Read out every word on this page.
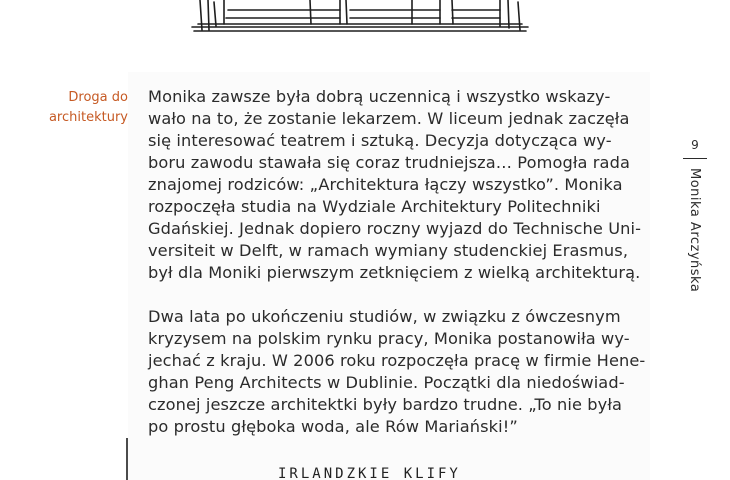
Droga do architektury

Monika zawsze była dobrą uczennicą i wszystko wskazy-

wało na to, że zostanie lekarzem. W liceum jednak zaczęła

się interesować teatrem i sztuką. Decyzja dotycząca wy-

boru zawodu stawała się coraz trudniejsza… Pomogła rada

znajomej rodziców: „Architektura łączy wszystko”. Monika

rozpoczęła studia na Wydziale Architektury Politechniki

Gdańskiej. Jednak dopiero roczny wyjazd do Technische Uni-

versiteit w Delft, w ramach wymiany studenckiej Erasmus,

był dla Moniki pierwszym zetknięciem z wielką architekturą.

Dwa lata po ukończeniu studiów, w związku z ówczesnym

kryzysem na polskim rynku pracy, Monika postanowiła wy-

jechać z kraju. W 2006 roku rozpoczęła pracę w firmie Hene-

ghan Peng Architects w Dublinie. Początki dla niedoświad-

czonej jeszcze architektki były bardzo trudne. „To nie była

po prostu głęboka woda, ale Rów Mariański!”

9
Monika Arczyńska
IRLANDZKIE KLIFY
